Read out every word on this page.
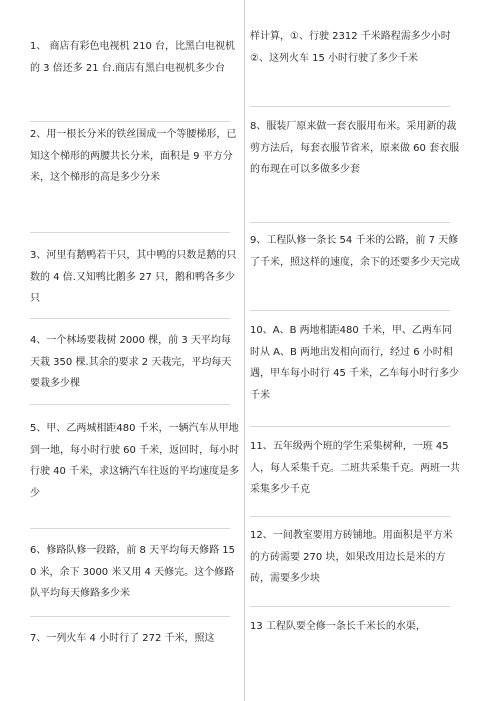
1、 商店有彩色电视机 210 台，比黑白电视机的 3 倍还多 21 台.商店有黑白电视机多少台
2、用一根长分米的铁丝围成一个等腰梯形，已知这个梯形的两腰共长分米，面积是 9 平方分米，这个梯形的高是多少分米
3、河里有鹅鸭若干只，其中鸭的只数是鹅的只数的 4 倍.又知鸭比鹅多 27 只，鹅和鸭各多少只
4、一个林场要栽树 2000 棵，前 3 天平均每天栽 350 棵.其余的要求 2 天栽完，平均每天要栽多少棵
5、甲、乙两城相距480 千米，一辆汽车从甲地到一地，每小时行驶 60 千米，返回时，每小时行驶 40 千米，求这辆汽车往返的平均速度是多少
6、修路队修一段路，前 8 天平均每天修路 150 米，余下 3000 米又用 4 天修完。这个修路队平均每天修路多少米
7、一列火车 4 小时行了 272 千米，照这
样计算，①、行驶 2312 千米路程需多少小时②、这列火车 15 小时行驶了多少千米
8、服装厂原来做一套衣服用布米。采用新的裁剪方法后，每套衣服节省米，原来做 60 套衣服的布现在可以多做多少套
9、工程队修一条长 54 千米的公路，前 7 天修了千米，照这样的速度，余下的还要多少天完成
10、A、B 两地相距480 千米，甲、乙两车同时从 A、B 两地出发相向而行，经过 6 小时相遇，甲车每小时行 45 千米，乙车每小时行多少千米
11、五年级两个班的学生采集树种，一班 45 人，每人采集千克。二班共采集千克。两班一共采集多少千克
12、一间教室要用方砖铺地。用面积是平方米的方砖需要 270 块，如果改用边长是米的方砖，需要多少块
13 工程队要全修一条长千米长的水渠，
